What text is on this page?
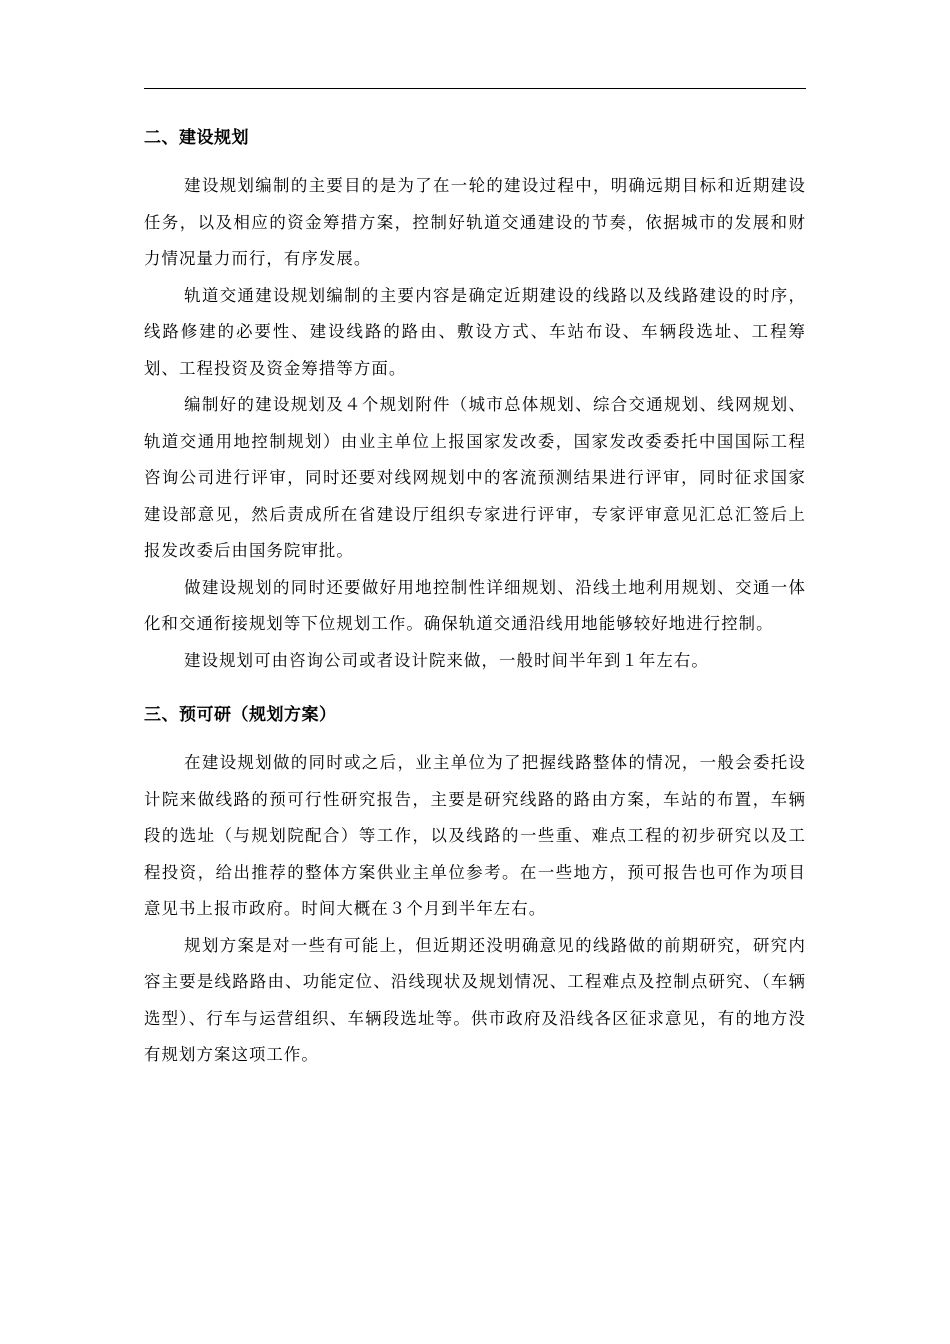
二、建设规划

建设规划编制的主要目的是为了在一轮的建设过程中，明确远期目标和近期建设任务，以及相应的资金筹措方案，控制好轨道交通建设的节奏，依据城市的发展和财力情况量力而行，有序发展。

轨道交通建设规划编制的主要内容是确定近期建设的线路以及线路建设的时序，线路修建的必要性、建设线路的路由、敷设方式、车站布设、车辆段选址、工程筹划、工程投资及资金筹措等方面。

编制好的建设规划及４个规划附件（城市总体规划、综合交通规划、线网规划、轨道交通用地控制规划）由业主单位上报国家发改委，国家发改委委托中国国际工程咨询公司进行评审，同时还要对线网规划中的客流预测结果进行评审，同时征求国家建设部意见，然后责成所在省建设厅组织专家进行评审，专家评审意见汇总汇签后上报发改委后由国务院审批。

做建设规划的同时还要做好用地控制性详细规划、沿线土地利用规划、交通一体化和交通衔接规划等下位规划工作。确保轨道交通沿线用地能够较好地进行控制。

建设规划可由咨询公司或者设计院来做，一般时间半年到１年左右。

三、预可研（规划方案）

在建设规划做的同时或之后，业主单位为了把握线路整体的情况，一般会委托设计院来做线路的预可行性研究报告，主要是研究线路的路由方案，车站的布置，车辆段的选址（与规划院配合）等工作，以及线路的一些重、难点工程的初步研究以及工程投资，给出推荐的整体方案供业主单位参考。在一些地方，预可报告也可作为项目意见书上报市政府。时间大概在３个月到半年左右。

规划方案是对一些有可能上，但近期还没明确意见的线路做的前期研究，研究内容主要是线路路由、功能定位、沿线现状及规划情况、工程难点及控制点研究、（车辆选型）、行车与运营组织、车辆段选址等。供市政府及沿线各区征求意见，有的地方没有规划方案这项工作。
